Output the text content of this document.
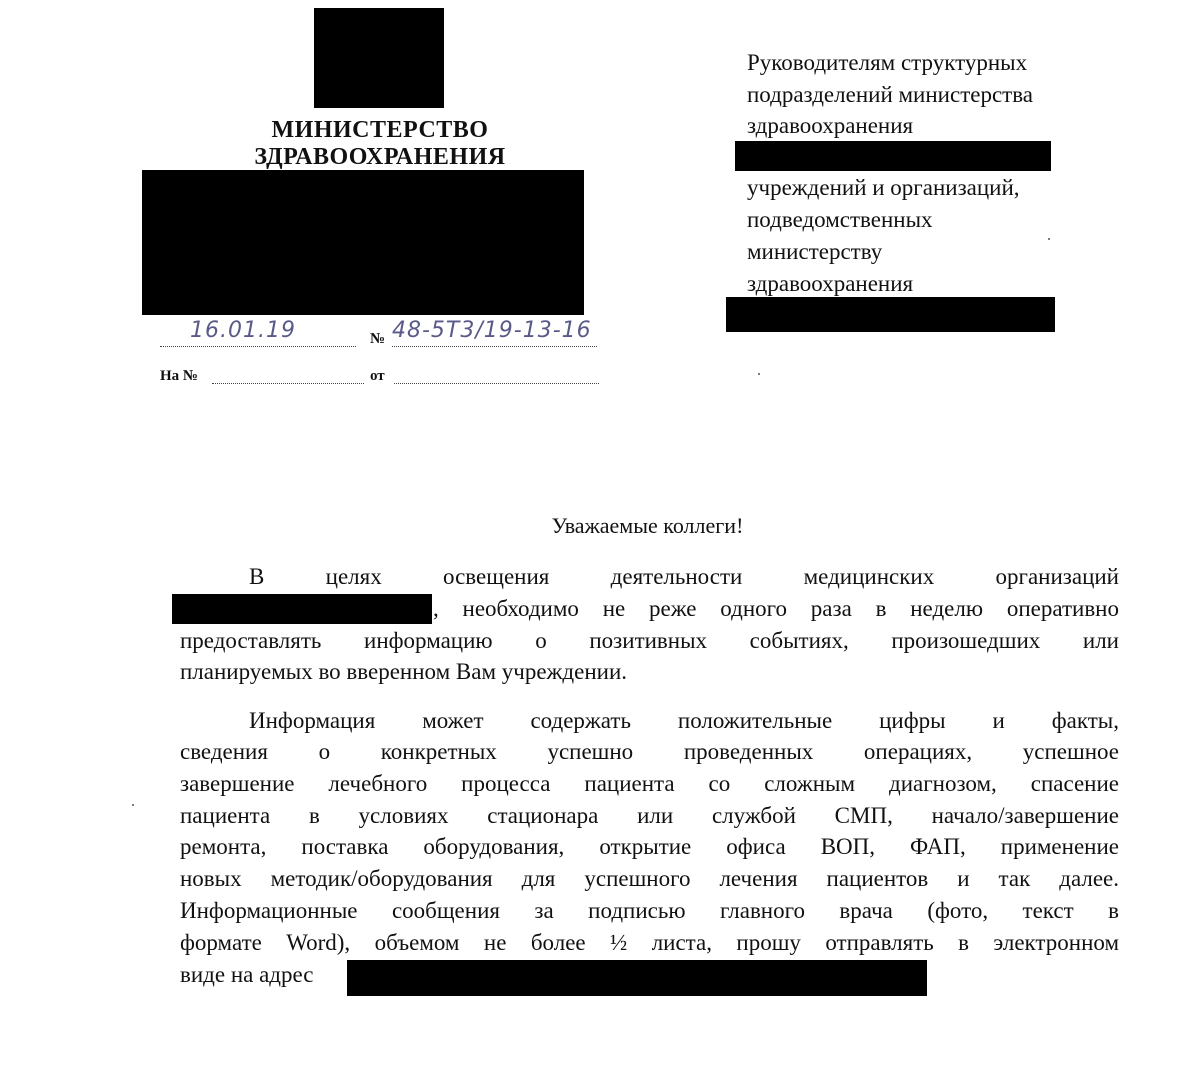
МИНИСТЕРСТВО
ЗДРАВООХРАНЕНИЯ
16.01.19	№ 48-5Т3/19-13-16
На №	от
Руководителям структурных
подразделений министерства
здравоохранения
учреждений и организаций,
подведомственных
министерству
здравоохранения
Уважаемые коллеги!
В целях освещения деятельности медицинских организаций
, необходимо не реже одного раза в неделю оперативно
предоставлять информацию о позитивных событиях, произошедших или
планируемых во вверенном Вам учреждении.
Информация может содержать положительные цифры и факты,
сведения о конкретных успешно проведенных операциях, успешное
завершение лечебного процесса пациента со сложным диагнозом, спасение
пациента в условиях стационара или службой СМП, начало/завершение
ремонта, поставка оборудования, открытие офиса ВОП, ФАП, применение
новых методик/оборудования для успешного лечения пациентов и так далее.
Информационные сообщения за подписью главного врача (фото, текст в
формате Word), объемом не более ½ листа, прошу отправлять в электронном
виде на адрес
